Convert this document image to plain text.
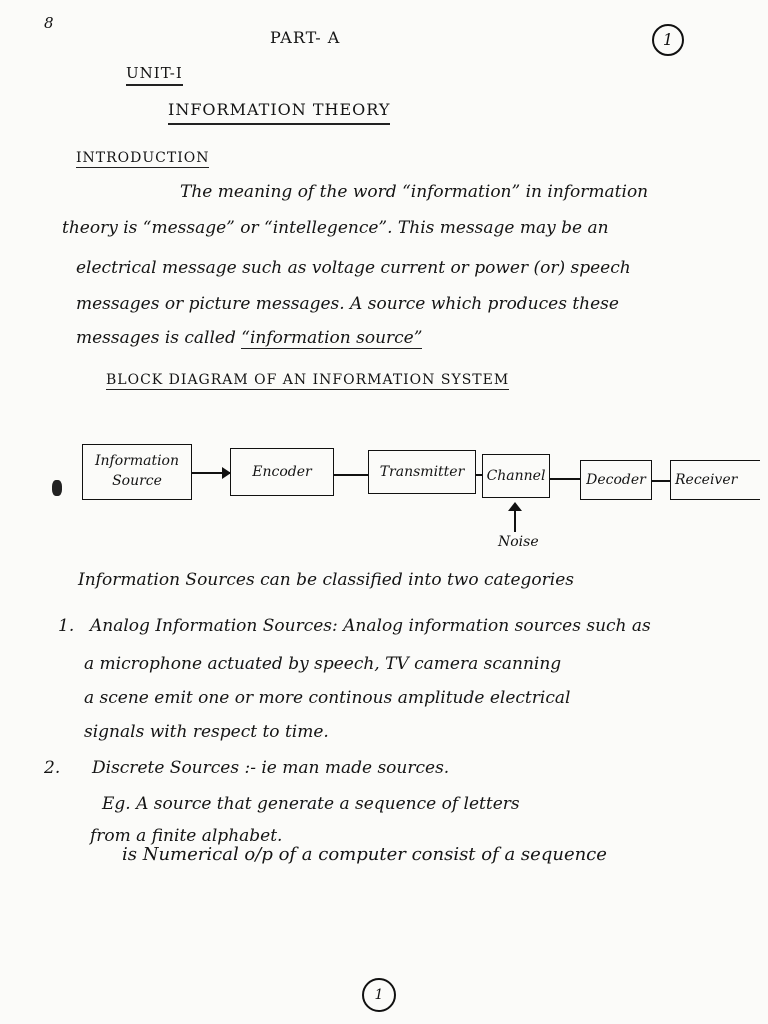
8
PART- A	1
UNIT-I
INFORMATION THEORY
INTRODUCTION
The meaning of the word “information” in information
theory is “message” or “intellegence”. This message may be an
electrical message such as voltage current or power (or) speech
messages or picture messages. A source which produces these
messages is called “information source”
BLOCK DIAGRAM OF AN INFORMATION SYSTEM
Information
Source
Encoder	Transmitter	Channel	Decoder	Receiver
Noise
Information Sources can be classified into two categories
1. Analog Information Sources: Analog information sources such as
a microphone actuated by speech, TV camera scanning
a scene emit one or more continous amplitude electrical
signals with respect to time.
2. Discrete Sources :- ie man made sources.
Eg. A source that generate a sequence of letters
from a finite alphabet.
is Numerical o/p of a computer consist of a sequence
1
